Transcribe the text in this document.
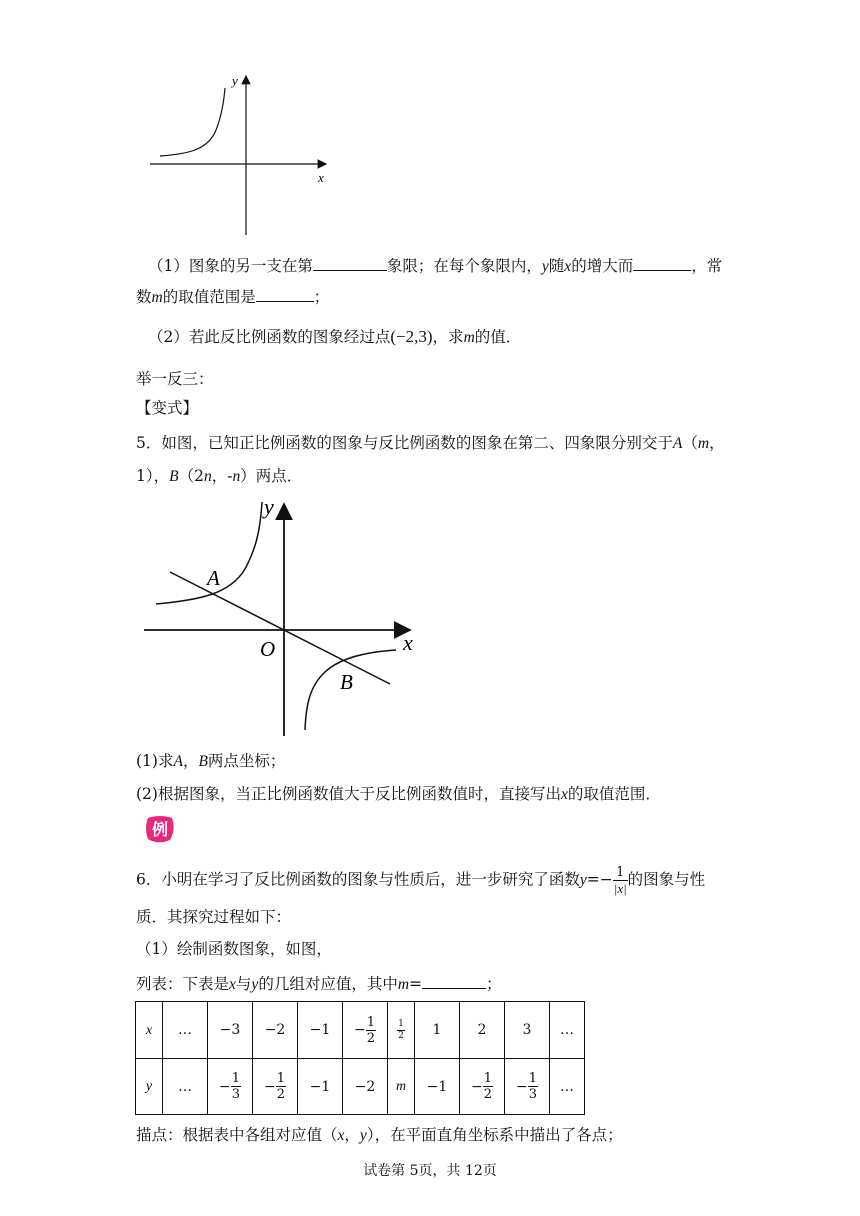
y
x
（1）图象的另一支在第	象限；在每个象限内，y随x的增大而	，常
数m的取值范围是	；
（2）若此反比例函数的图象经过点(−2,3)，求m的值．
举一反三：
【变式】
5．如图，已知正比例函数的图象与反比例函数的图象在第二、四象限分别交于A（m，
1），B（2n，-n）两点．
y
x
O
A
B
(1)求A，B两点坐标；
(2)根据图象，当正比例函数值大于反比例函数值时，直接写出x的取值范围．
例
6．小明在学习了反比例函数的图象与性质后，进一步研究了函数$y=- \frac{1}{|x|}$ 的图象与性
质．其探究过程如下：
（1）绘制函数图象，如图，
列表：下表是x与y的几组对应值，其中m=	；
x	…	−3	−2	−1	− $\frac{1}{2}$	$\frac{1}{2}$	1	2	3	…
y	…	− $\frac{1}{3}$	− $\frac{1}{2}$	−1	−2	m	−1	− $\frac{1}{2}$	− $\frac{1}{3}$	…
描点：根据表中各组对应值（x，y），在平面直角坐标系中描出了各点；
试卷第 5页，共 12页
